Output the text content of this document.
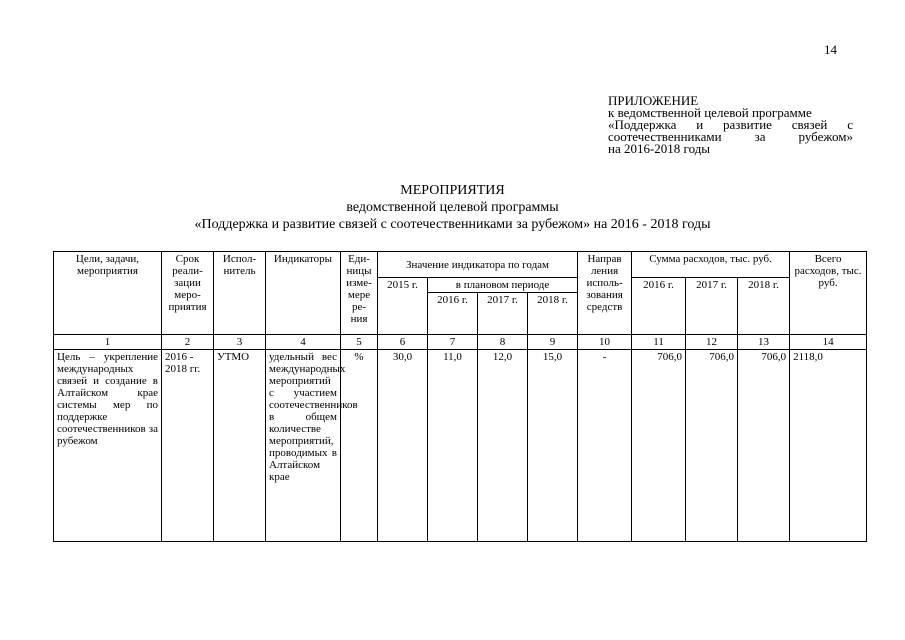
14
ПРИЛОЖЕНИЕ
к ведомственной целевой программе
«Поддержка и развитие связей с
соотечественниками за рубежом»
на 2016-2018 годы
МЕРОПРИЯТИЯ
ведомственной целевой программы
«Поддержка и развитие связей с соотечественниками за рубежом» на 2016 - 2018 годы
Цели, задачи, мероприятия	Срок реали-зации меро-приятия	Испол-нитель	Индикаторы	Еди-ницы изме-мере ре-ния	Значение индикатора по годам				Направ ления исполь-зования средств	Сумма расходов, тыс. руб.			Всего расходов, тыс. руб.
					2015 г.	в плановом периоде				2016 г.	2017 г.	2018 г.	
						2016 г.	2017 г.	2018 г.					
1	2	3	4	5	6	7	8	9	10	11	12	13	14
Цель – укрепление международных связей и создание в Алтайском крае системы мер по поддержке соотечественников за рубежом	2016 - 2018 гг.	УТМО	удельный вес международных мероприятий с участием соотечественников в общем количестве мероприятий, проводимых в Алтайском крае	%	30,0	11,0	12,0	15,0	-	706,0	706,0	706,0	2118,0
